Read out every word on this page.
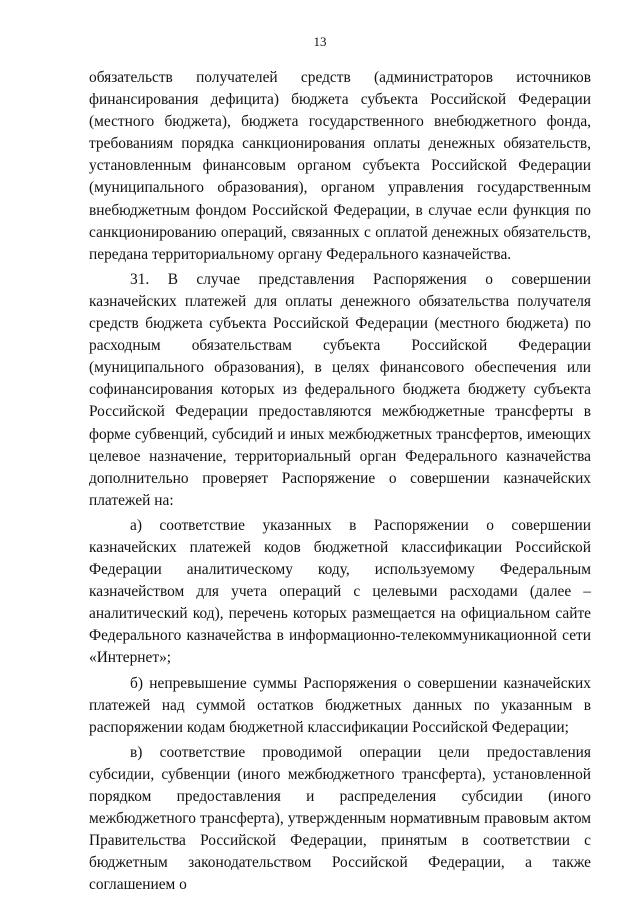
13

обязательств получателей средств (администраторов источников финансирования дефицита) бюджета субъекта Российской Федерации (местного бюджета), бюджета государственного внебюджетного фонда, требованиям порядка санкционирования оплаты денежных обязательств, установленным финансовым органом субъекта Российской Федерации (муниципального образования), органом управления государственным внебюджетным фондом Российской Федерации, в случае если функция по санкционированию операций, связанных с оплатой денежных обязательств, передана территориальному органу Федерального казначейства.

31. В случае представления Распоряжения о совершении казначейских платежей для оплаты денежного обязательства получателя средств бюджета субъекта Российской Федерации (местного бюджета) по расходным обязательствам субъекта Российской Федерации (муниципального образования), в целях финансового обеспечения или софинансирования которых из федерального бюджета бюджету субъекта Российской Федерации предоставляются межбюджетные трансферты в форме субвенций, субсидий и иных межбюджетных трансфертов, имеющих целевое назначение, территориальный орган Федерального казначейства дополнительно проверяет Распоряжение о совершении казначейских платежей на:

а) соответствие указанных в Распоряжении о совершении казначейских платежей кодов бюджетной классификации Российской Федерации аналитическому коду, используемому Федеральным казначейством для учета операций с целевыми расходами (далее – аналитический код), перечень которых размещается на официальном сайте Федерального казначейства в информационно-телекоммуникационной сети «Интернет»;

б) непревышение суммы Распоряжения о совершении казначейских платежей над суммой остатков бюджетных данных по указанным в распоряжении кодам бюджетной классификации Российской Федерации;

в) соответствие проводимой операции цели предоставления субсидии, субвенции (иного межбюджетного трансферта), установленной порядком предоставления и распределения субсидии (иного межбюджетного трансферта), утвержденным нормативным правовым актом Правительства Российской Федерации, принятым в соответствии с бюджетным законодательством Российской Федерации, а также соглашением о
